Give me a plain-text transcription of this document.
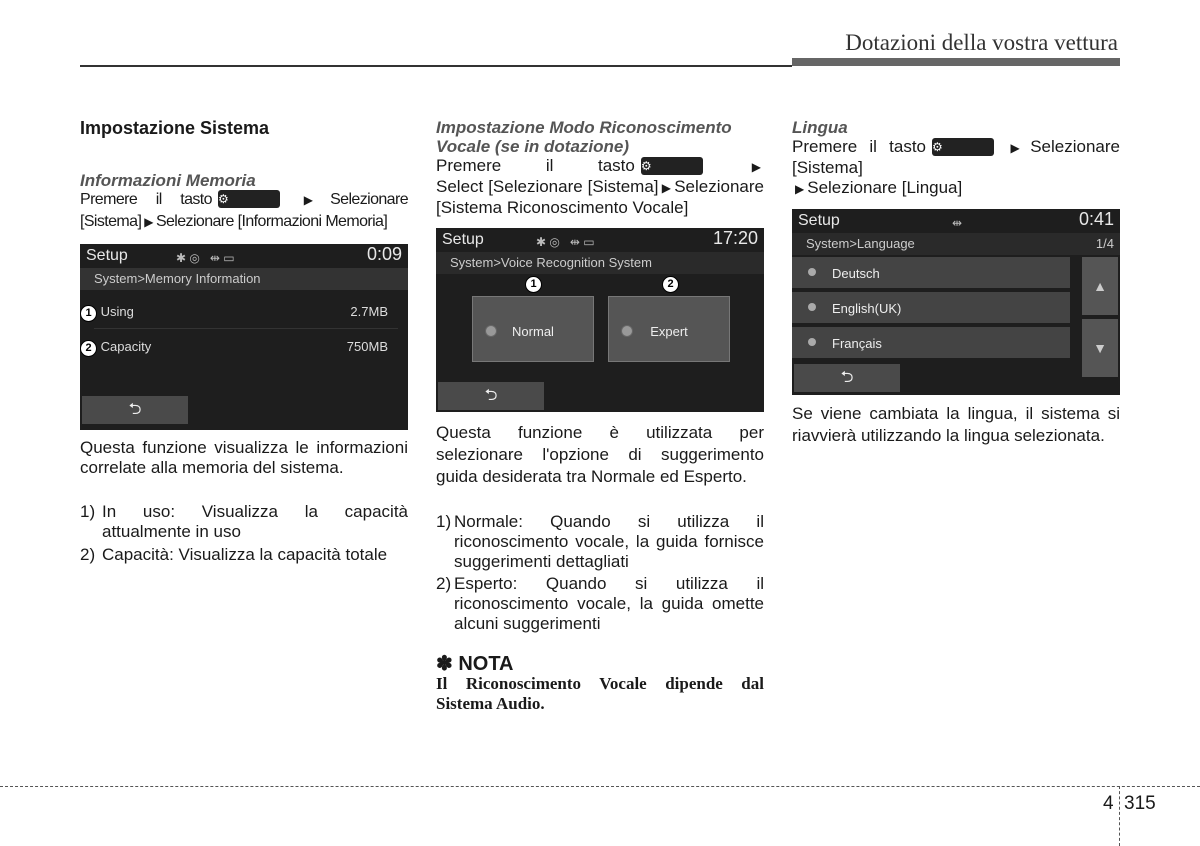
Dotazioni della vostra vettura
Impostazione Sistema
Informazioni Memoria
Premere il tasto ⚙	▶ Selezionare
[Sistema] ▶ Selezionare [Informazioni Memoria]
Setup	✱ ◎   ⇹ ▭	0:09
System>Memory Information
1 Using	2.7MB
2 Capacity	750MB
⮌
Questa funzione visualizza le informazioni correlate alla memoria del sistema.
1) In uso: Visualizza la capacità attualmente in uso
2) Capacità: Visualizza la capacità totale
Impostazione Modo Riconoscimento Vocale (se in dotazione)
Premere il tasto ⚙	▶
Select [Selezionare [Sistema] ▶ Selezionare [Sistema Riconoscimento Vocale]
Setup	✱ ◎   ⇹ ▭	17:20
System>Voice Recognition System
1	2
Normal	Expert
⮌
Questa funzione è utilizzata per selezionare l'opzione di suggerimento guida desiderata tra Normale ed Esperto.
1) Normale: Quando si utilizza il riconoscimento vocale, la guida fornisce suggerimenti dettagliati
2) Esperto: Quando si utilizza il riconoscimento vocale, la guida omette alcuni suggerimenti
✽ NOTA
Il Riconoscimento Vocale dipende dal Sistema Audio.
Lingua
Premere il tasto ⚙	▶ Selezionare [Sistema]
▶ Selezionare [Lingua]
Setup	⇹	0:41
System>Language	1/4
Deutsch
English(UK)
Français
▲
▼
⮌
Se viene cambiata la lingua, il sistema si riavvierà utilizzando la lingua selezionata.
4 315
